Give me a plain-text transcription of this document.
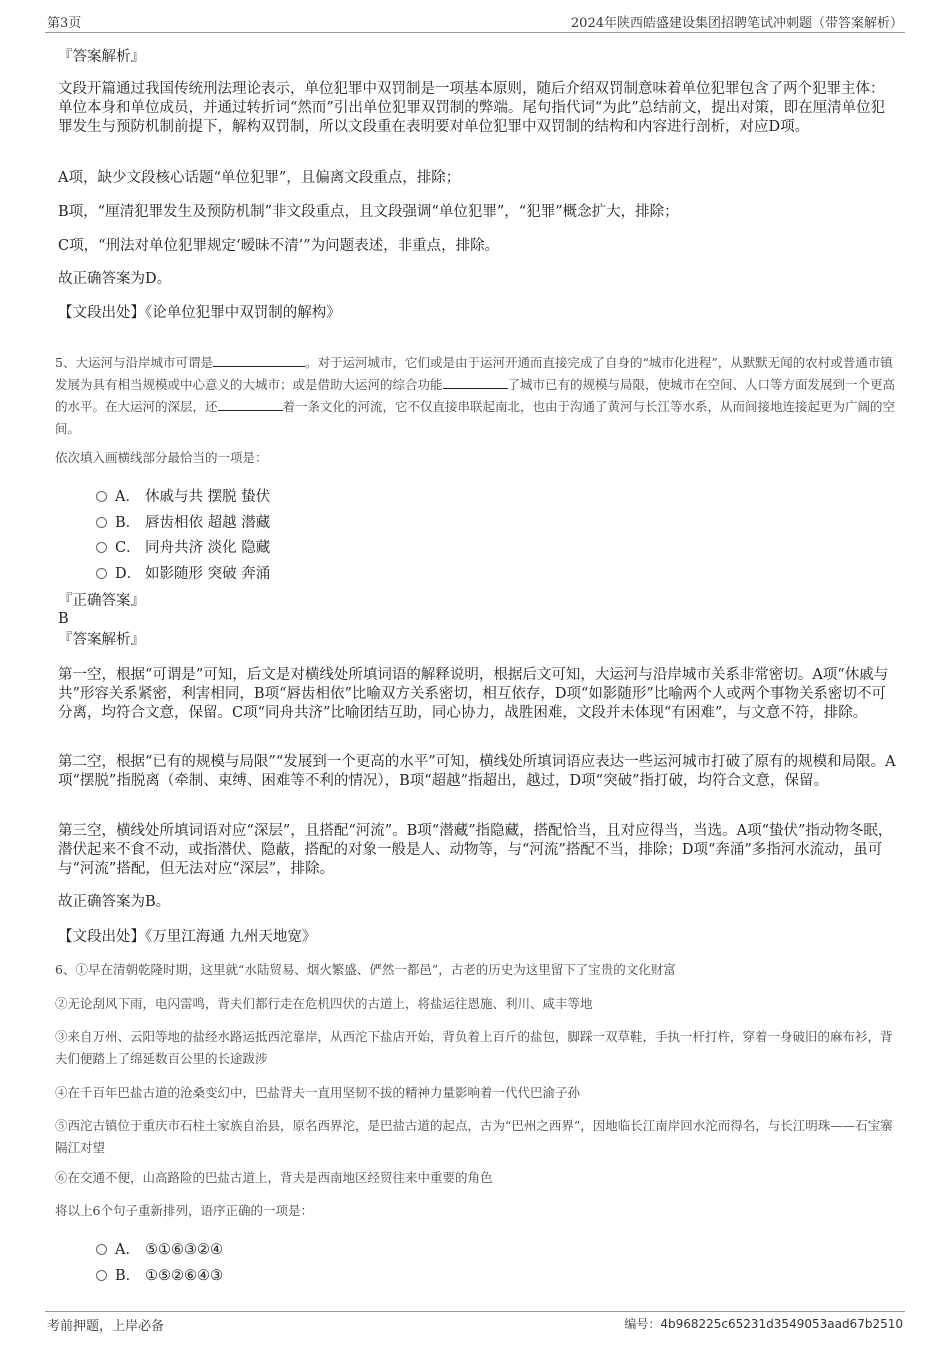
第3页	2024年陕西皓盛建设集团招聘笔试冲刺题（带答案解析）

『答案解析』

文段开篇通过我国传统刑法理论表示，单位犯罪中双罚制是一项基本原则，随后介绍双罚制意味着单位犯罪包含了两个犯罪主体：单位本身和单位成员，并通过转折词“然而”引出单位犯罪双罚制的弊端。尾句指代词“为此”总结前文，提出对策，即在厘清单位犯罪发生与预防机制前提下，解构双罚制，所以文段重在表明要对单位犯罪中双罚制的结构和内容进行剖析，对应D项。

A项，缺少文段核心话题“单位犯罪”，且偏离文段重点，排除；

B项，“厘清犯罪发生及预防机制”非文段重点，且文段强调“单位犯罪”，“犯罪”概念扩大，排除；

C项，“刑法对单位犯罪规定‘暧昧不清’”为问题表述，非重点，排除。

故正确答案为D。

【文段出处】《论单位犯罪中双罚制的解构》

5、大运河与沿岸城市可谓是	。对于运河城市，它们或是由于运河开通而直接完成了自身的“城市化进程”，从默默无闻的农村或普通市镇发展为具有相当规模或中心意义的大城市；或是借助大运河的综合功能	了城市已有的规模与局限，使城市在空间、人口等方面发展到一个更高的水平。在大运河的深层，还	着一条文化的河流，它不仅直接串联起南北，也由于沟通了黄河与长江等水系，从而间接地连接起更为广阔的空间。

依次填入画横线部分最恰当的一项是：

A． 休戚与共 摆脱 蛰伏
B． 唇齿相依 超越 潜藏
C． 同舟共济 淡化 隐藏
D． 如影随形 突破 奔涌

『正确答案』

B

『答案解析』

第一空，根据“可谓是”可知，后文是对横线处所填词语的解释说明，根据后文可知，大运河与沿岸城市关系非常密切。A项“休戚与共”形容关系紧密，利害相同，B项“唇齿相依”比喻双方关系密切，相互依存，D项“如影随形”比喻两个人或两个事物关系密切不可分离，均符合文意，保留。C项“同舟共济”比喻团结互助，同心协力，战胜困难，文段并未体现“有困难”，与文意不符，排除。

第二空，根据“已有的规模与局限”“发展到一个更高的水平”可知，横线处所填词语应表达一些运河城市打破了原有的规模和局限。A项“摆脱”指脱离（牵制、束缚、困难等不利的情况），B项“超越”指超出，越过，D项“突破”指打破，均符合文意，保留。

第三空，横线处所填词语对应“深层”，且搭配“河流”。B项“潜藏”指隐藏，搭配恰当，且对应得当，当选。A项“蛰伏”指动物冬眠，潜伏起来不食不动，或指潜伏、隐蔽，搭配的对象一般是人、动物等，与“河流”搭配不当，排除；D项“奔涌”多指河水流动，虽可与“河流”搭配，但无法对应“深层”，排除。

故正确答案为B。

【文段出处】《万里江海通 九州天地宽》

6、①早在清朝乾隆时期，这里就“水陆贸易、烟火繁盛、俨然一都邑”，古老的历史为这里留下了宝贵的文化财富

②无论刮风下雨，电闪雷鸣，背夫们都行走在危机四伏的古道上，将盐运往恩施、利川、咸丰等地

③来自万州、云阳等地的盐经水路运抵西沱靠岸，从西沱下盐店开始，背负着上百斤的盐包，脚踩一双草鞋，手执一杆打杵，穿着一身破旧的麻布衫，背夫们便踏上了绵延数百公里的长途跋涉

④在千百年巴盐古道的沧桑变幻中，巴盐背夫一直用坚韧不拔的精神力量影响着一代代巴渝子孙

⑤西沱古镇位于重庆市石柱土家族自治县，原名西界沱，是巴盐古道的起点，古为“巴州之西界”，因地临长江南岸回水沱而得名，与长江明珠——石宝寨隔江对望

⑥在交通不便，山高路险的巴盐古道上，背夫是西南地区经贸往来中重要的角色

将以上6个句子重新排列，语序正确的一项是：

A． ⑤①⑥③②④
B． ①⑤②⑥④③
考前押题，上岸必备	编号：4b968225c65231d3549053aad67b2510
